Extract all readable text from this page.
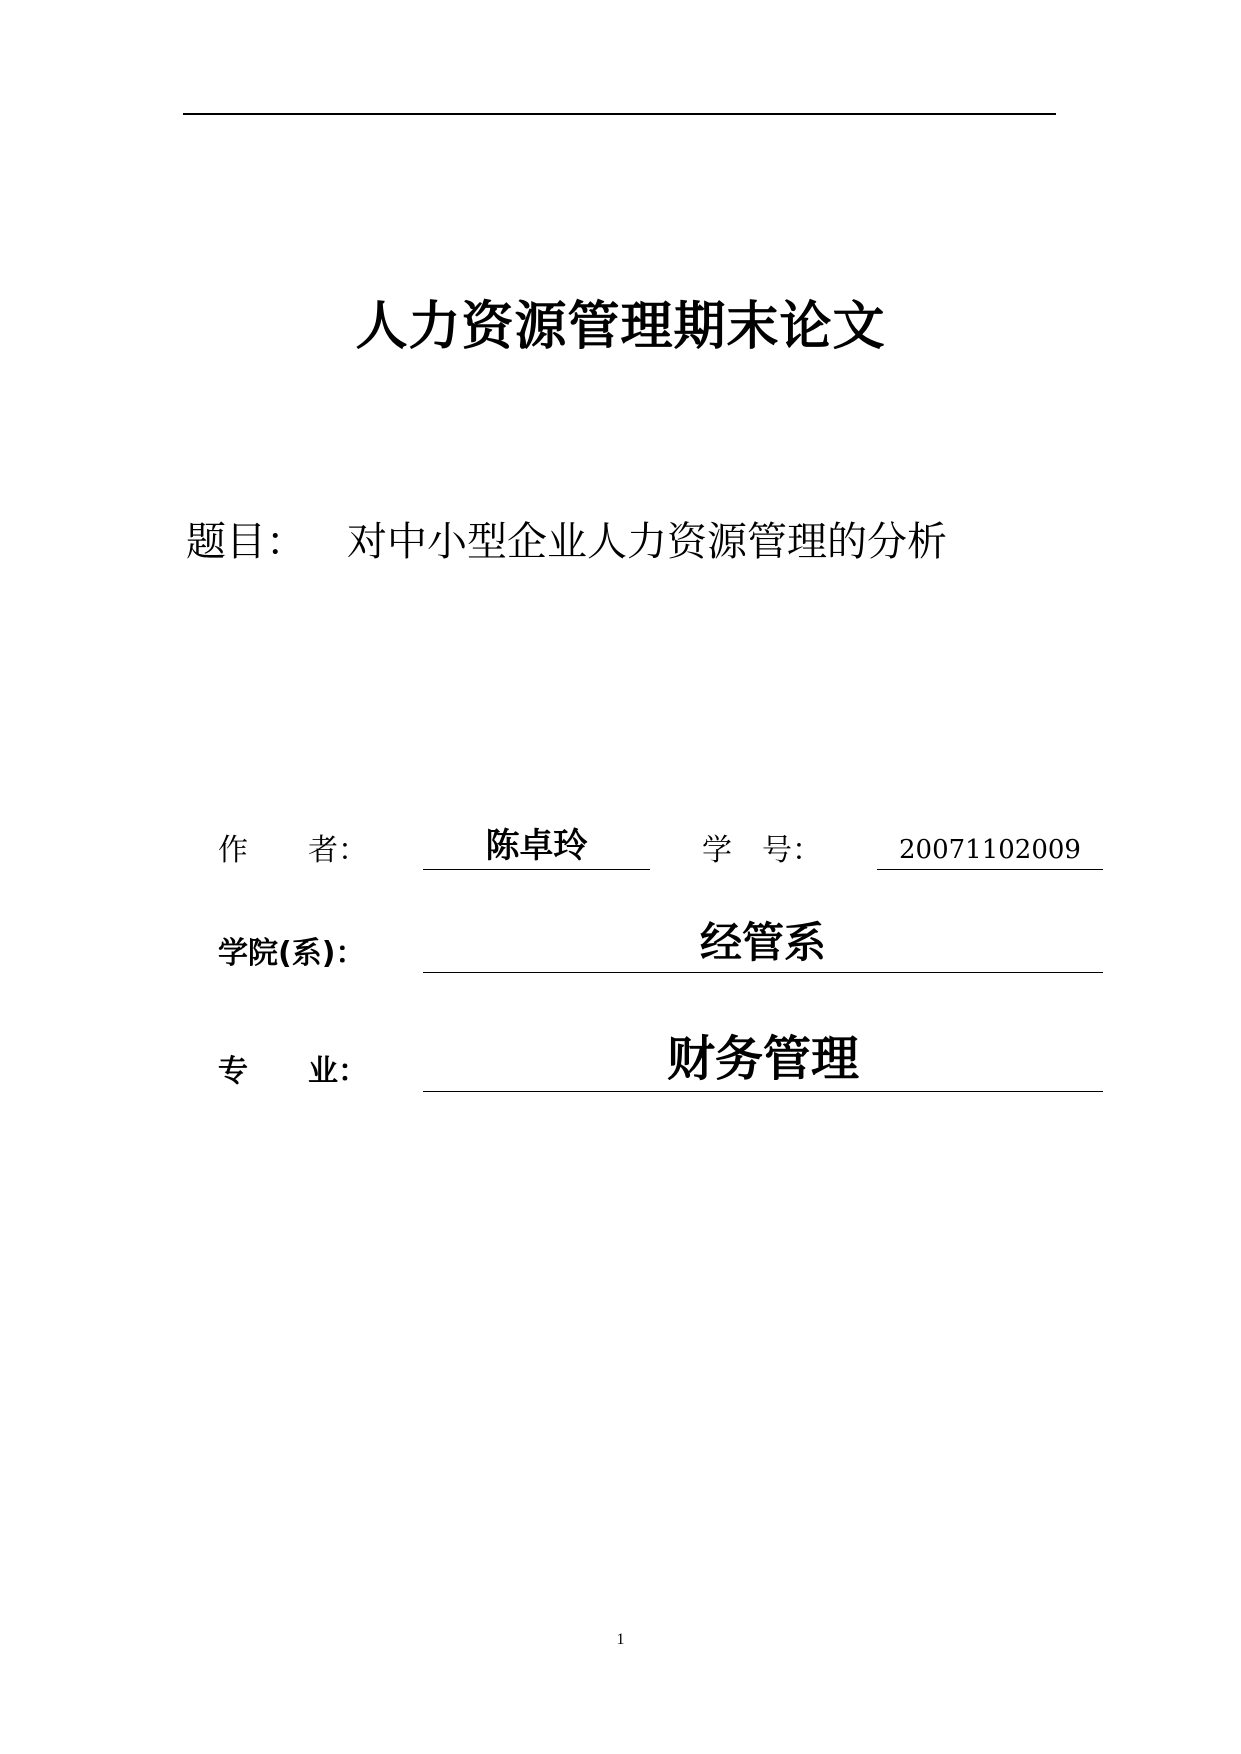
人力资源管理期末论文
题目： 对中小型企业人力资源管理的分析
作　　者：	陈卓玲	学　号：	20071102009
学院(系)：	经管系
专　　业：	财务管理
1
